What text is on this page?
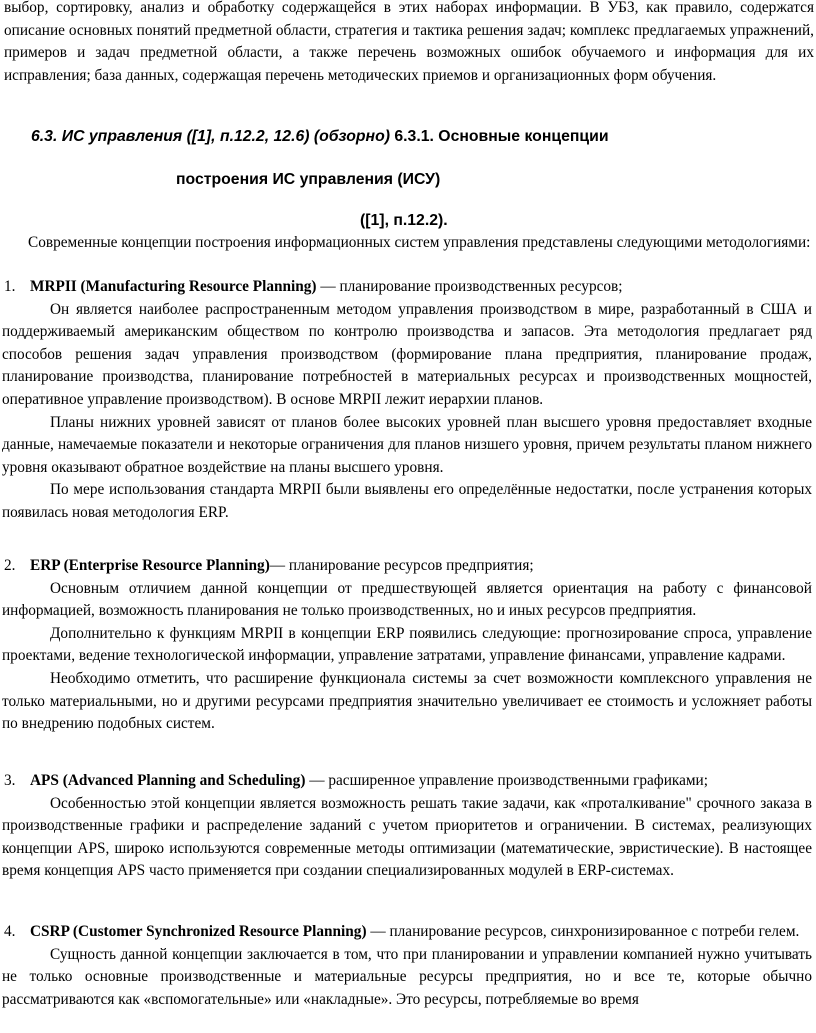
выбор, сортировку, анализ и обработку содержащейся в этих наборах информации. В УБЗ, как правило, содержатся описание основных понятий предметной области, стратегия и тактика решения задач; комплекс предлагаемых упражнений, примеров и задач предметной области, а также перечень возможных ошибок обучаемого и информация для их исправления; база данных, содержащая перечень методических приемов и организационных форм обучения.

6.3. ИС управления ([1], п.12.2, 12.6) (обзорно) 6.3.1. Основные концепции
построения ИС управления (ИСУ)
([1], п.12.2).

Современные концепции построения информационных систем управления представлены следующими методологиями:

1. MRPII (Manufacturing Resource Planning) — планирование производственных ресурсов;

Он является наиболее распространенным методом управления производством в мире, разработанный в США и поддерживаемый американским обществом по контролю производства и запасов. Эта методология предлагает ряд способов решения задач управления производством (формирование плана предприятия, планирование продаж, планирование производства, планирование потребностей в материальных ресурсах и производственных мощностей, оперативное управление производством). В основе MRPII лежит иерархии планов.

Планы нижних уровней зависят от планов более высоких уровней план высшего уровня предоставляет входные данные, намечаемые показатели и некоторые ограничения для планов низшего уровня, причем результаты планом нижнего уровня оказывают обратное воздействие на планы высшего уровня.

По мере использования стандарта MRPII были выявлены его определённые недостатки, после устранения которых появилась новая методология ERP.

2. ERP (Enterprise Resource Planning)— планирование ресурсов предприятия;

Основным отличием данной концепции от предшествующей является ориентация на работу с финансовой информацией, возможность планирования не только производственных, но и иных ресурсов предприятия.

Дополнительно к функциям MRPII в концепции ERP появились следующие: прогнозирование спроса, управление проектами, ведение технологической информации, управление затратами, управление финансами, управление кадрами.

Необходимо отметить, что расширение функционала системы за счет возможности комплексного управления не только материальными, но и другими ресурсами предприятия значительно увеличивает ее стоимость и усложняет работы по внедрению подобных систем.

3. APS (Advanced Planning and Scheduling) — расширенное управление производственными графиками;

Особенностью этой концепции является возможность решать такие задачи, как «проталкивание" срочного заказа в производственные графики и распределение заданий с учетом приоритетов и ограничении. В системах, реализующих концепции APS, широко используются современные методы оптимизации (математические, эвристические). В настоящее время концепция APS часто применяется при создании специализированных модулей в ERP-системах.

4. CSRP (Customer Synchronized Resource Planning) — планирование ресурсов, синхронизированное с потреби гелем.

Сущность данной концепции заключается в том, что при планировании и управлении компанией нужно учитывать не только основные производственные и материальные ресурсы предприятия, но и все те, которые обычно рассматриваются как «вспомогательные» или «накладные». Это ресурсы, потребляемые во время
